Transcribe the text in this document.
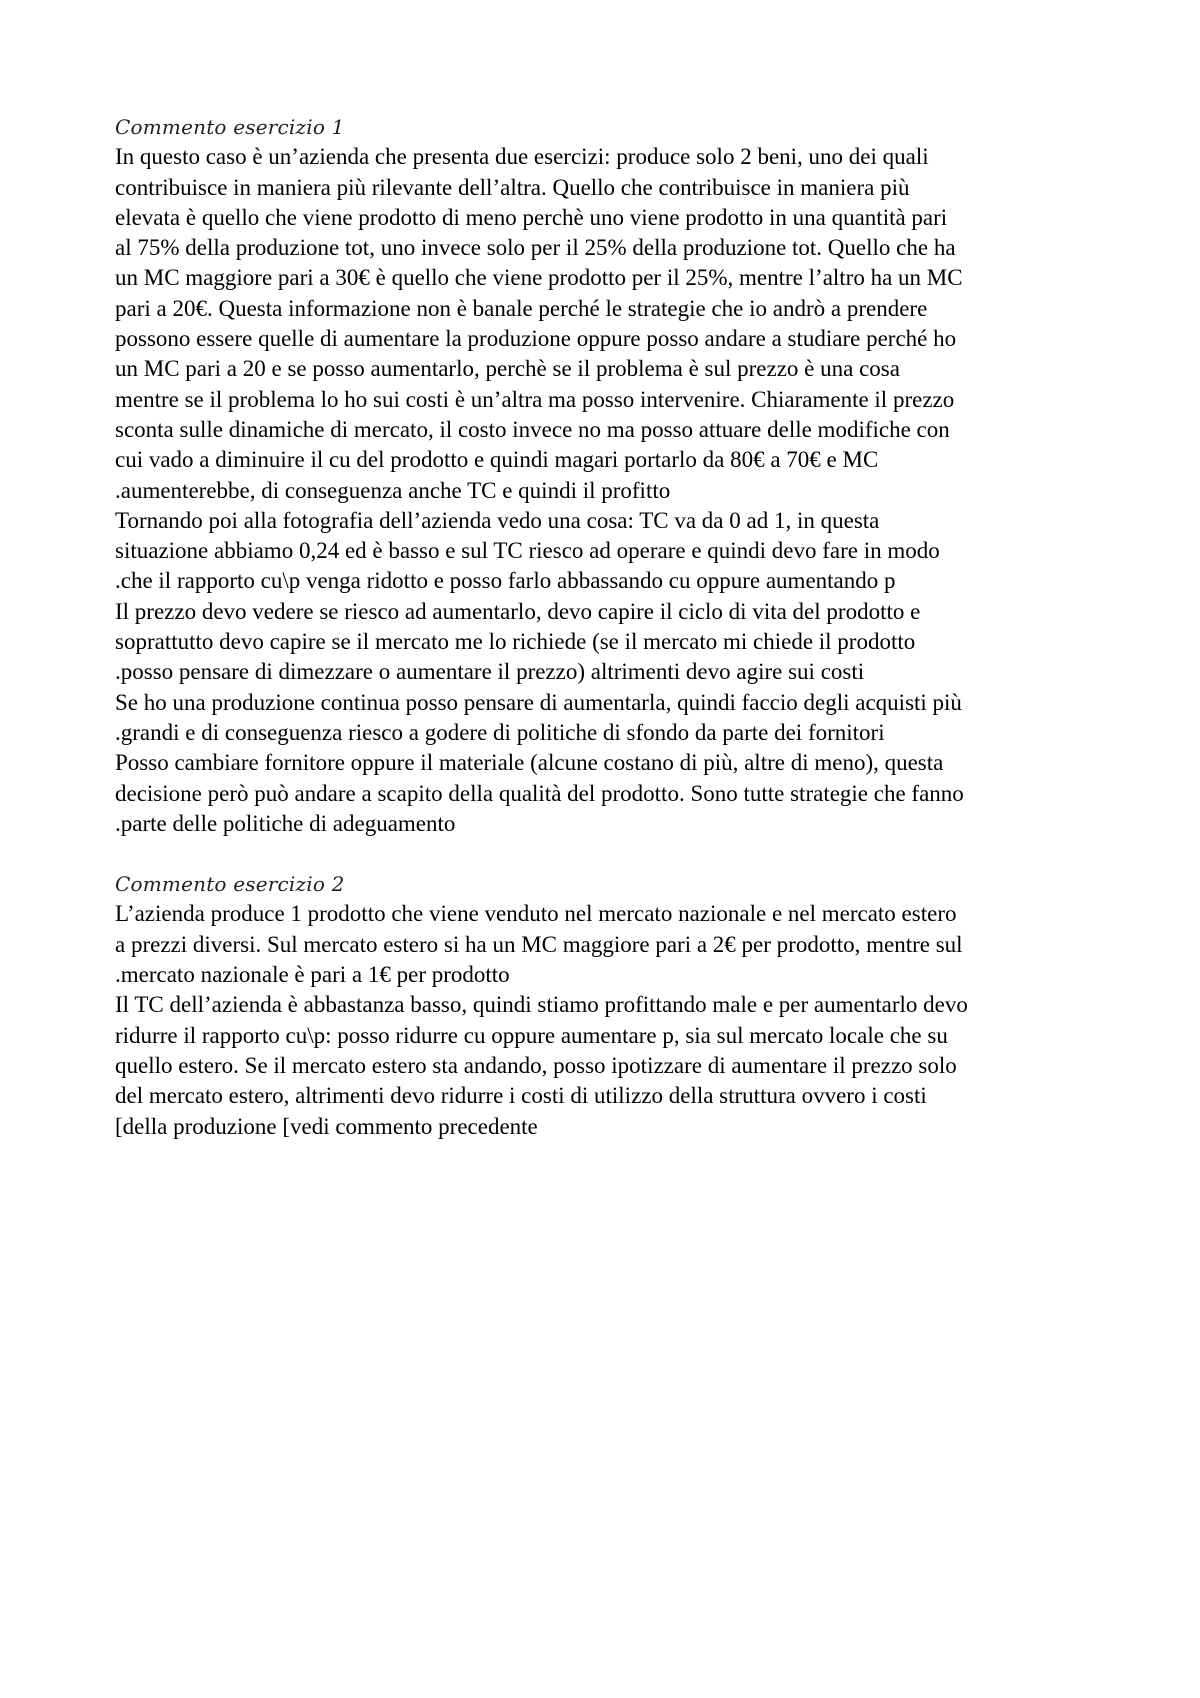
Commento esercizio 1

In questo caso è un’azienda che presenta due esercizi: produce solo 2 beni, uno dei quali

contribuisce in maniera più rilevante dell’altra. Quello che contribuisce in maniera più

elevata è quello che viene prodotto di meno perchè uno viene prodotto in una quantità pari

al 75% della produzione tot, uno invece solo per il 25% della produzione tot. Quello che ha

un MC maggiore pari a 30€ è quello che viene prodotto per il 25%, mentre l’altro ha un MC

pari a 20€. Questa informazione non è banale perché le strategie che io andrò a prendere

possono essere quelle di aumentare la produzione oppure posso andare a studiare perché ho

un MC pari a 20 e se posso aumentarlo, perchè se il problema è sul prezzo è una cosa

mentre se il problema lo ho sui costi è un’altra ma posso intervenire. Chiaramente il prezzo

sconta sulle dinamiche di mercato, il costo invece no ma posso attuare delle modifiche con

cui vado a diminuire il cu del prodotto e quindi magari portarlo da 80€ a 70€ e MC

.aumenterebbe, di conseguenza anche TC e quindi il profitto

Tornando poi alla fotografia dell’azienda vedo una cosa: TC va da 0 ad 1, in questa

situazione abbiamo 0,24 ed è basso e sul TC riesco ad operare e quindi devo fare in modo

.che il rapporto cu\p venga ridotto e posso farlo abbassando cu oppure aumentando p

Il prezzo devo vedere se riesco ad aumentarlo, devo capire il ciclo di vita del prodotto e

soprattutto devo capire se il mercato me lo richiede (se il mercato mi chiede il prodotto

.posso pensare di dimezzare o aumentare il prezzo) altrimenti devo agire sui costi

Se ho una produzione continua posso pensare di aumentarla, quindi faccio degli acquisti più

.grandi e di conseguenza riesco a godere di politiche di sfondo da parte dei fornitori

Posso cambiare fornitore oppure il materiale (alcune costano di più, altre di meno), questa

decisione però può andare a scapito della qualità del prodotto. Sono tutte strategie che fanno

.parte delle politiche di adeguamento

Commento esercizio 2

L’azienda produce 1 prodotto che viene venduto nel mercato nazionale e nel mercato estero

a prezzi diversi. Sul mercato estero si ha un MC maggiore pari a 2€ per prodotto, mentre sul

.mercato nazionale è pari a 1€ per prodotto

Il TC dell’azienda è abbastanza basso, quindi stiamo profittando male e per aumentarlo devo

ridurre il rapporto cu\p: posso ridurre cu oppure aumentare p, sia sul mercato locale che su

quello estero. Se il mercato estero sta andando, posso ipotizzare di aumentare il prezzo solo

del mercato estero, altrimenti devo ridurre i costi di utilizzo della struttura ovvero i costi

[della produzione [vedi commento precedente
